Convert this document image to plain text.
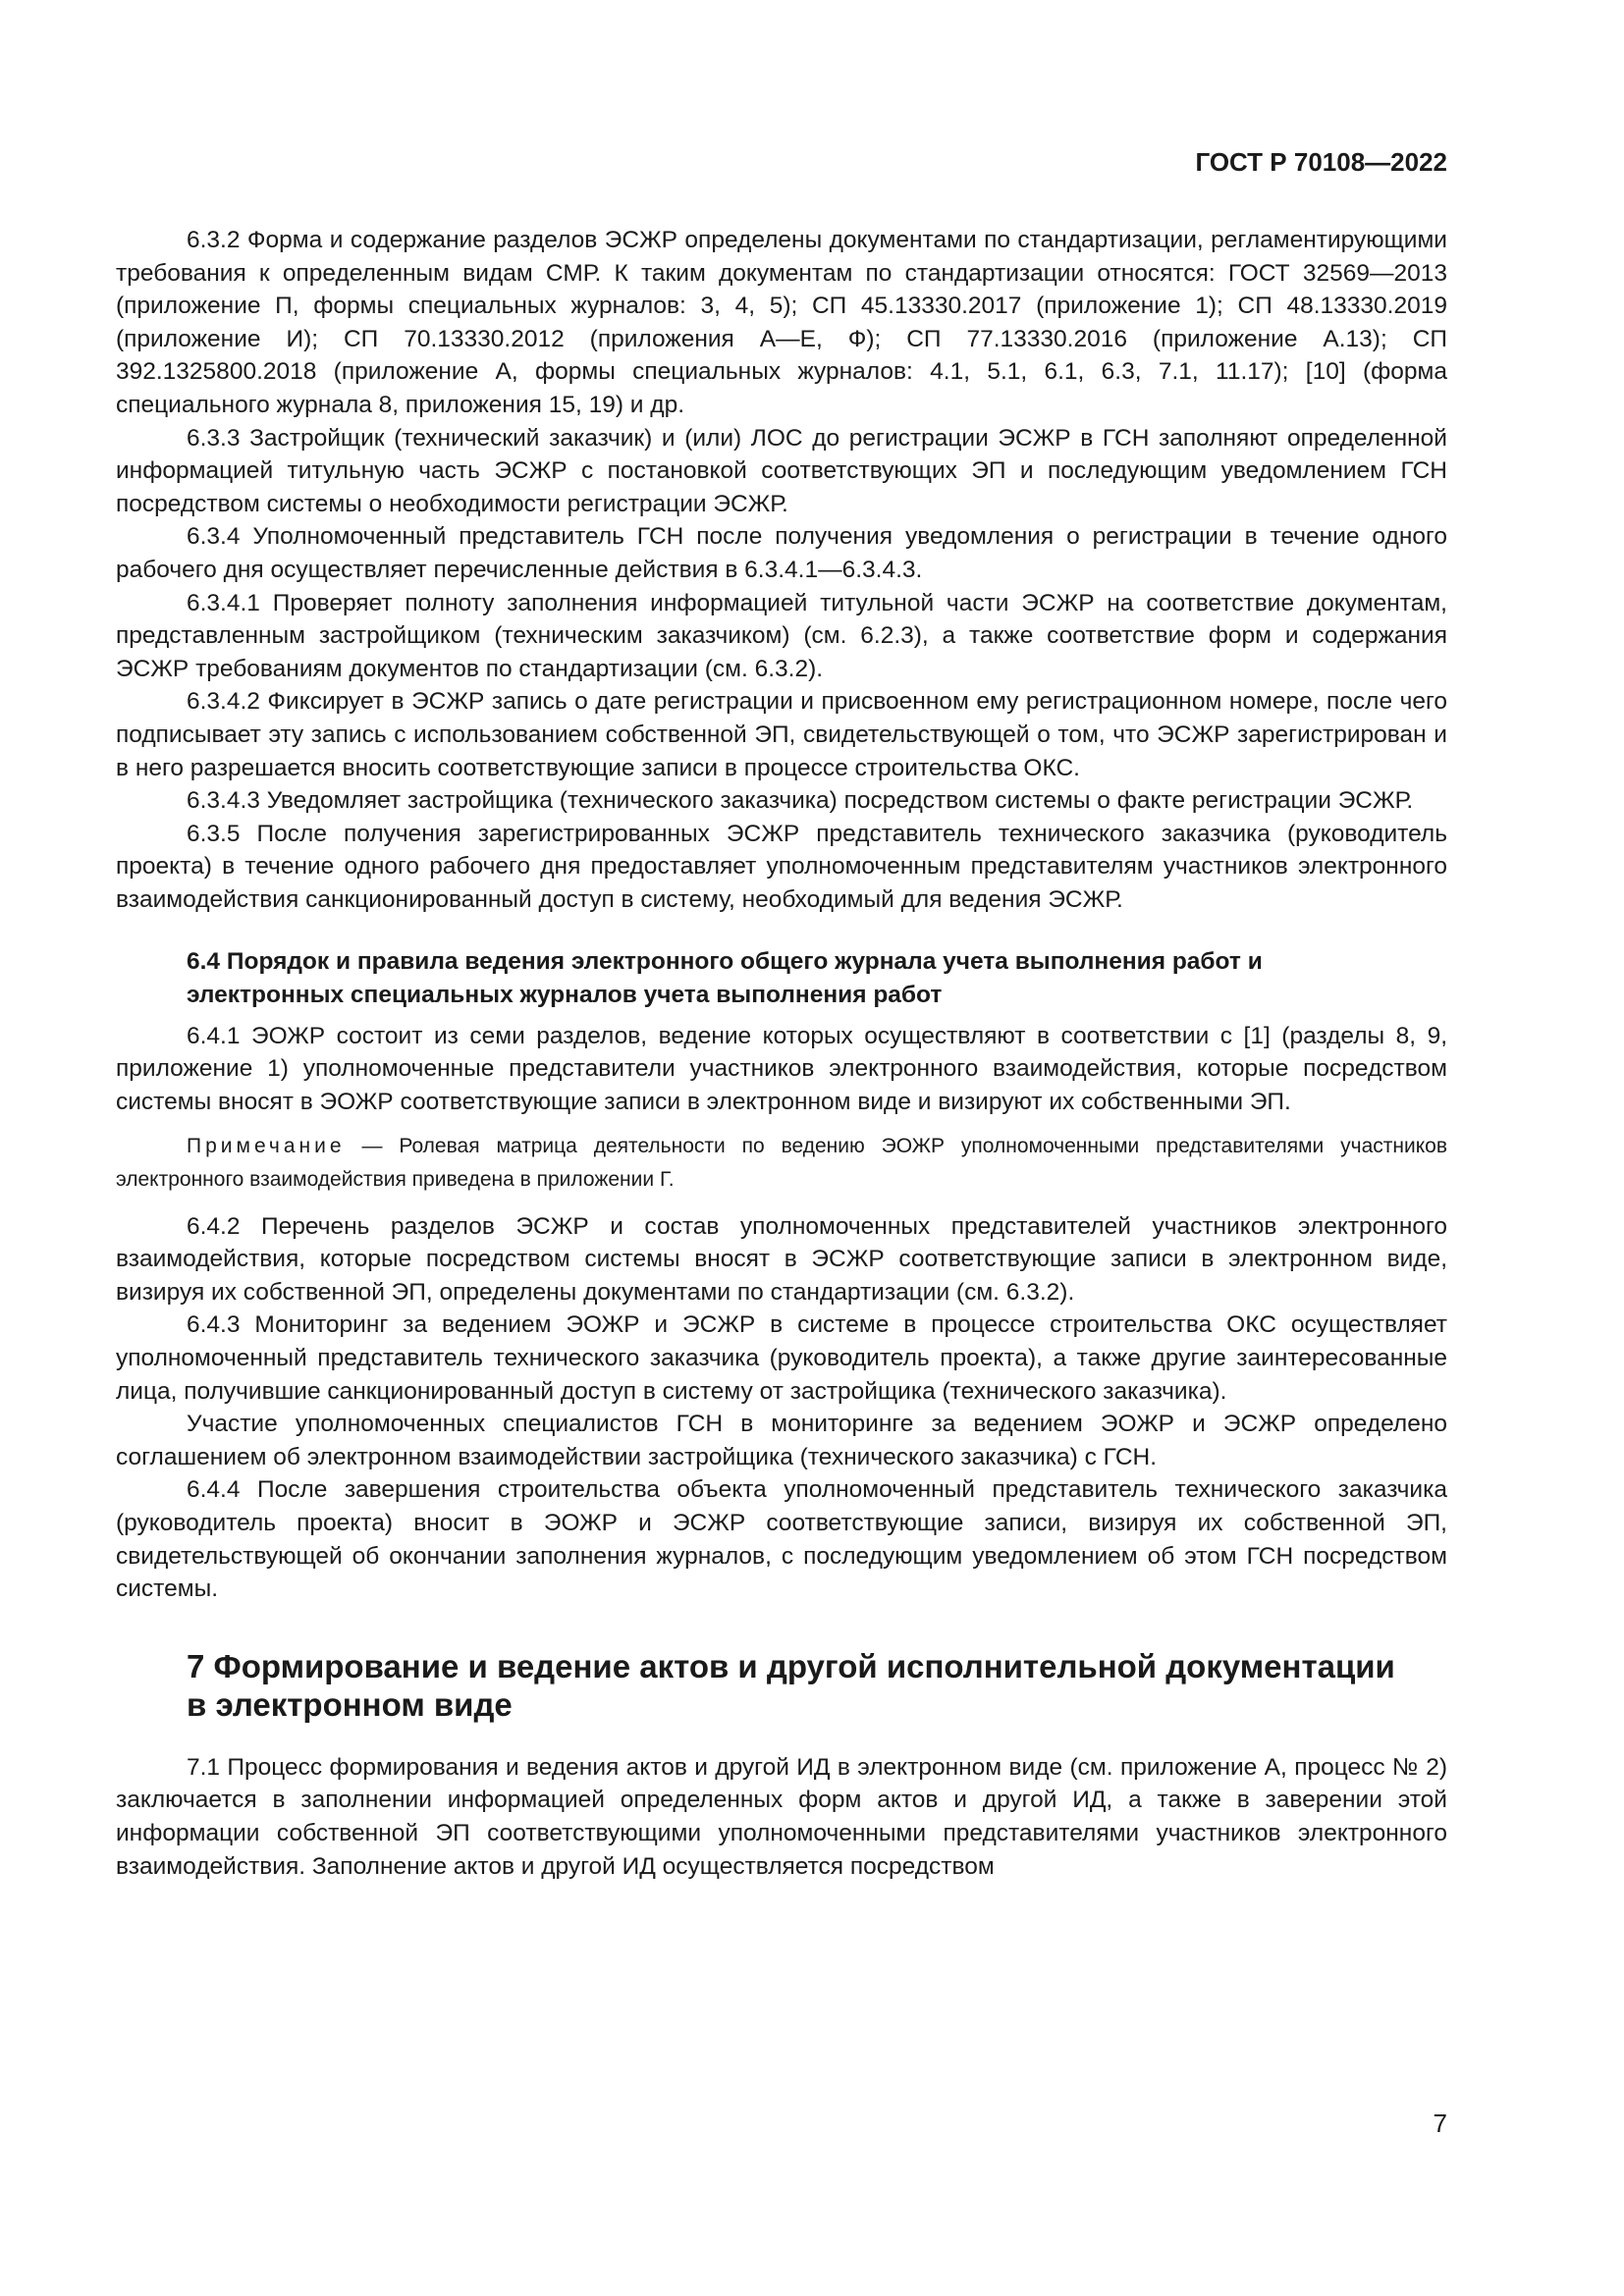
ГОСТ Р 70108—2022

6.3.2 Форма и содержание разделов ЭСЖР определены документами по стандартизации, регламентирующими требования к определенным видам СМР. К таким документам по стандартизации относятся: ГОСТ 32569—2013 (приложение П, формы специальных журналов: 3, 4, 5); СП 45.13330.2017 (приложение 1); СП 48.13330.2019 (приложение И); СП 70.13330.2012 (приложения А—Е, Ф); СП 77.13330.2016 (приложение А.13); СП 392.1325800.2018 (приложение А, формы специальных журналов: 4.1, 5.1, 6.1, 6.3, 7.1, 11.17); [10] (форма специального журнала 8, приложения 15, 19) и др.

6.3.3 Застройщик (технический заказчик) и (или) ЛОС до регистрации ЭСЖР в ГСН заполняют определенной информацией титульную часть ЭСЖР с постановкой соответствующих ЭП и последующим уведомлением ГСН посредством системы о необходимости регистрации ЭСЖР.

6.3.4 Уполномоченный представитель ГСН после получения уведомления о регистрации в течение одного рабочего дня осуществляет перечисленные действия в 6.3.4.1—6.3.4.3.

6.3.4.1 Проверяет полноту заполнения информацией титульной части ЭСЖР на соответствие документам, представленным застройщиком (техническим заказчиком) (см. 6.2.3), а также соответствие форм и содержания ЭСЖР требованиям документов по стандартизации (см. 6.3.2).

6.3.4.2 Фиксирует в ЭСЖР запись о дате регистрации и присвоенном ему регистрационном номере, после чего подписывает эту запись с использованием собственной ЭП, свидетельствующей о том, что ЭСЖР зарегистрирован и в него разрешается вносить соответствующие записи в процессе строительства ОКС.

6.3.4.3 Уведомляет застройщика (технического заказчика) посредством системы о факте регистрации ЭСЖР.

6.3.5 После получения зарегистрированных ЭСЖР представитель технического заказчика (руководитель проекта) в течение одного рабочего дня предоставляет уполномоченным представителям участников электронного взаимодействия санкционированный доступ в систему, необходимый для ведения ЭСЖР.

6.4 Порядок и правила ведения электронного общего журнала учета выполнения работ и
электронных специальных журналов учета выполнения работ

6.4.1 ЭОЖР состоит из семи разделов, ведение которых осуществляют в соответствии с [1] (разделы 8, 9, приложение 1) уполномоченные представители участников электронного взаимодействия, которые посредством системы вносят в ЭОЖР соответствующие записи в электронном виде и визируют их собственными ЭП.

Примечание — Ролевая матрица деятельности по ведению ЭОЖР уполномоченными представителями участников электронного взаимодействия приведена в приложении Г.

6.4.2 Перечень разделов ЭСЖР и состав уполномоченных представителей участников электронного взаимодействия, которые посредством системы вносят в ЭСЖР соответствующие записи в электронном виде, визируя их собственной ЭП, определены документами по стандартизации (см. 6.3.2).

6.4.3 Мониторинг за ведением ЭОЖР и ЭСЖР в системе в процессе строительства ОКС осуществляет уполномоченный представитель технического заказчика (руководитель проекта), а также другие заинтересованные лица, получившие санкционированный доступ в систему от застройщика (технического заказчика).

Участие уполномоченных специалистов ГСН в мониторинге за ведением ЭОЖР и ЭСЖР определено соглашением об электронном взаимодействии застройщика (технического заказчика) с ГСН.

6.4.4 После завершения строительства объекта уполномоченный представитель технического заказчика (руководитель проекта) вносит в ЭОЖР и ЭСЖР соответствующие записи, визируя их собственной ЭП, свидетельствующей об окончании заполнения журналов, с последующим уведомлением об этом ГСН посредством системы.

7 Формирование и ведение актов и другой исполнительной документации
в электронном виде

7.1 Процесс формирования и ведения актов и другой ИД в электронном виде (см. приложение А, процесс № 2) заключается в заполнении информацией определенных форм актов и другой ИД, а также в заверении этой информации собственной ЭП соответствующими уполномоченными представителями участников электронного взаимодействия. Заполнение актов и другой ИД осуществляется посредством

7
